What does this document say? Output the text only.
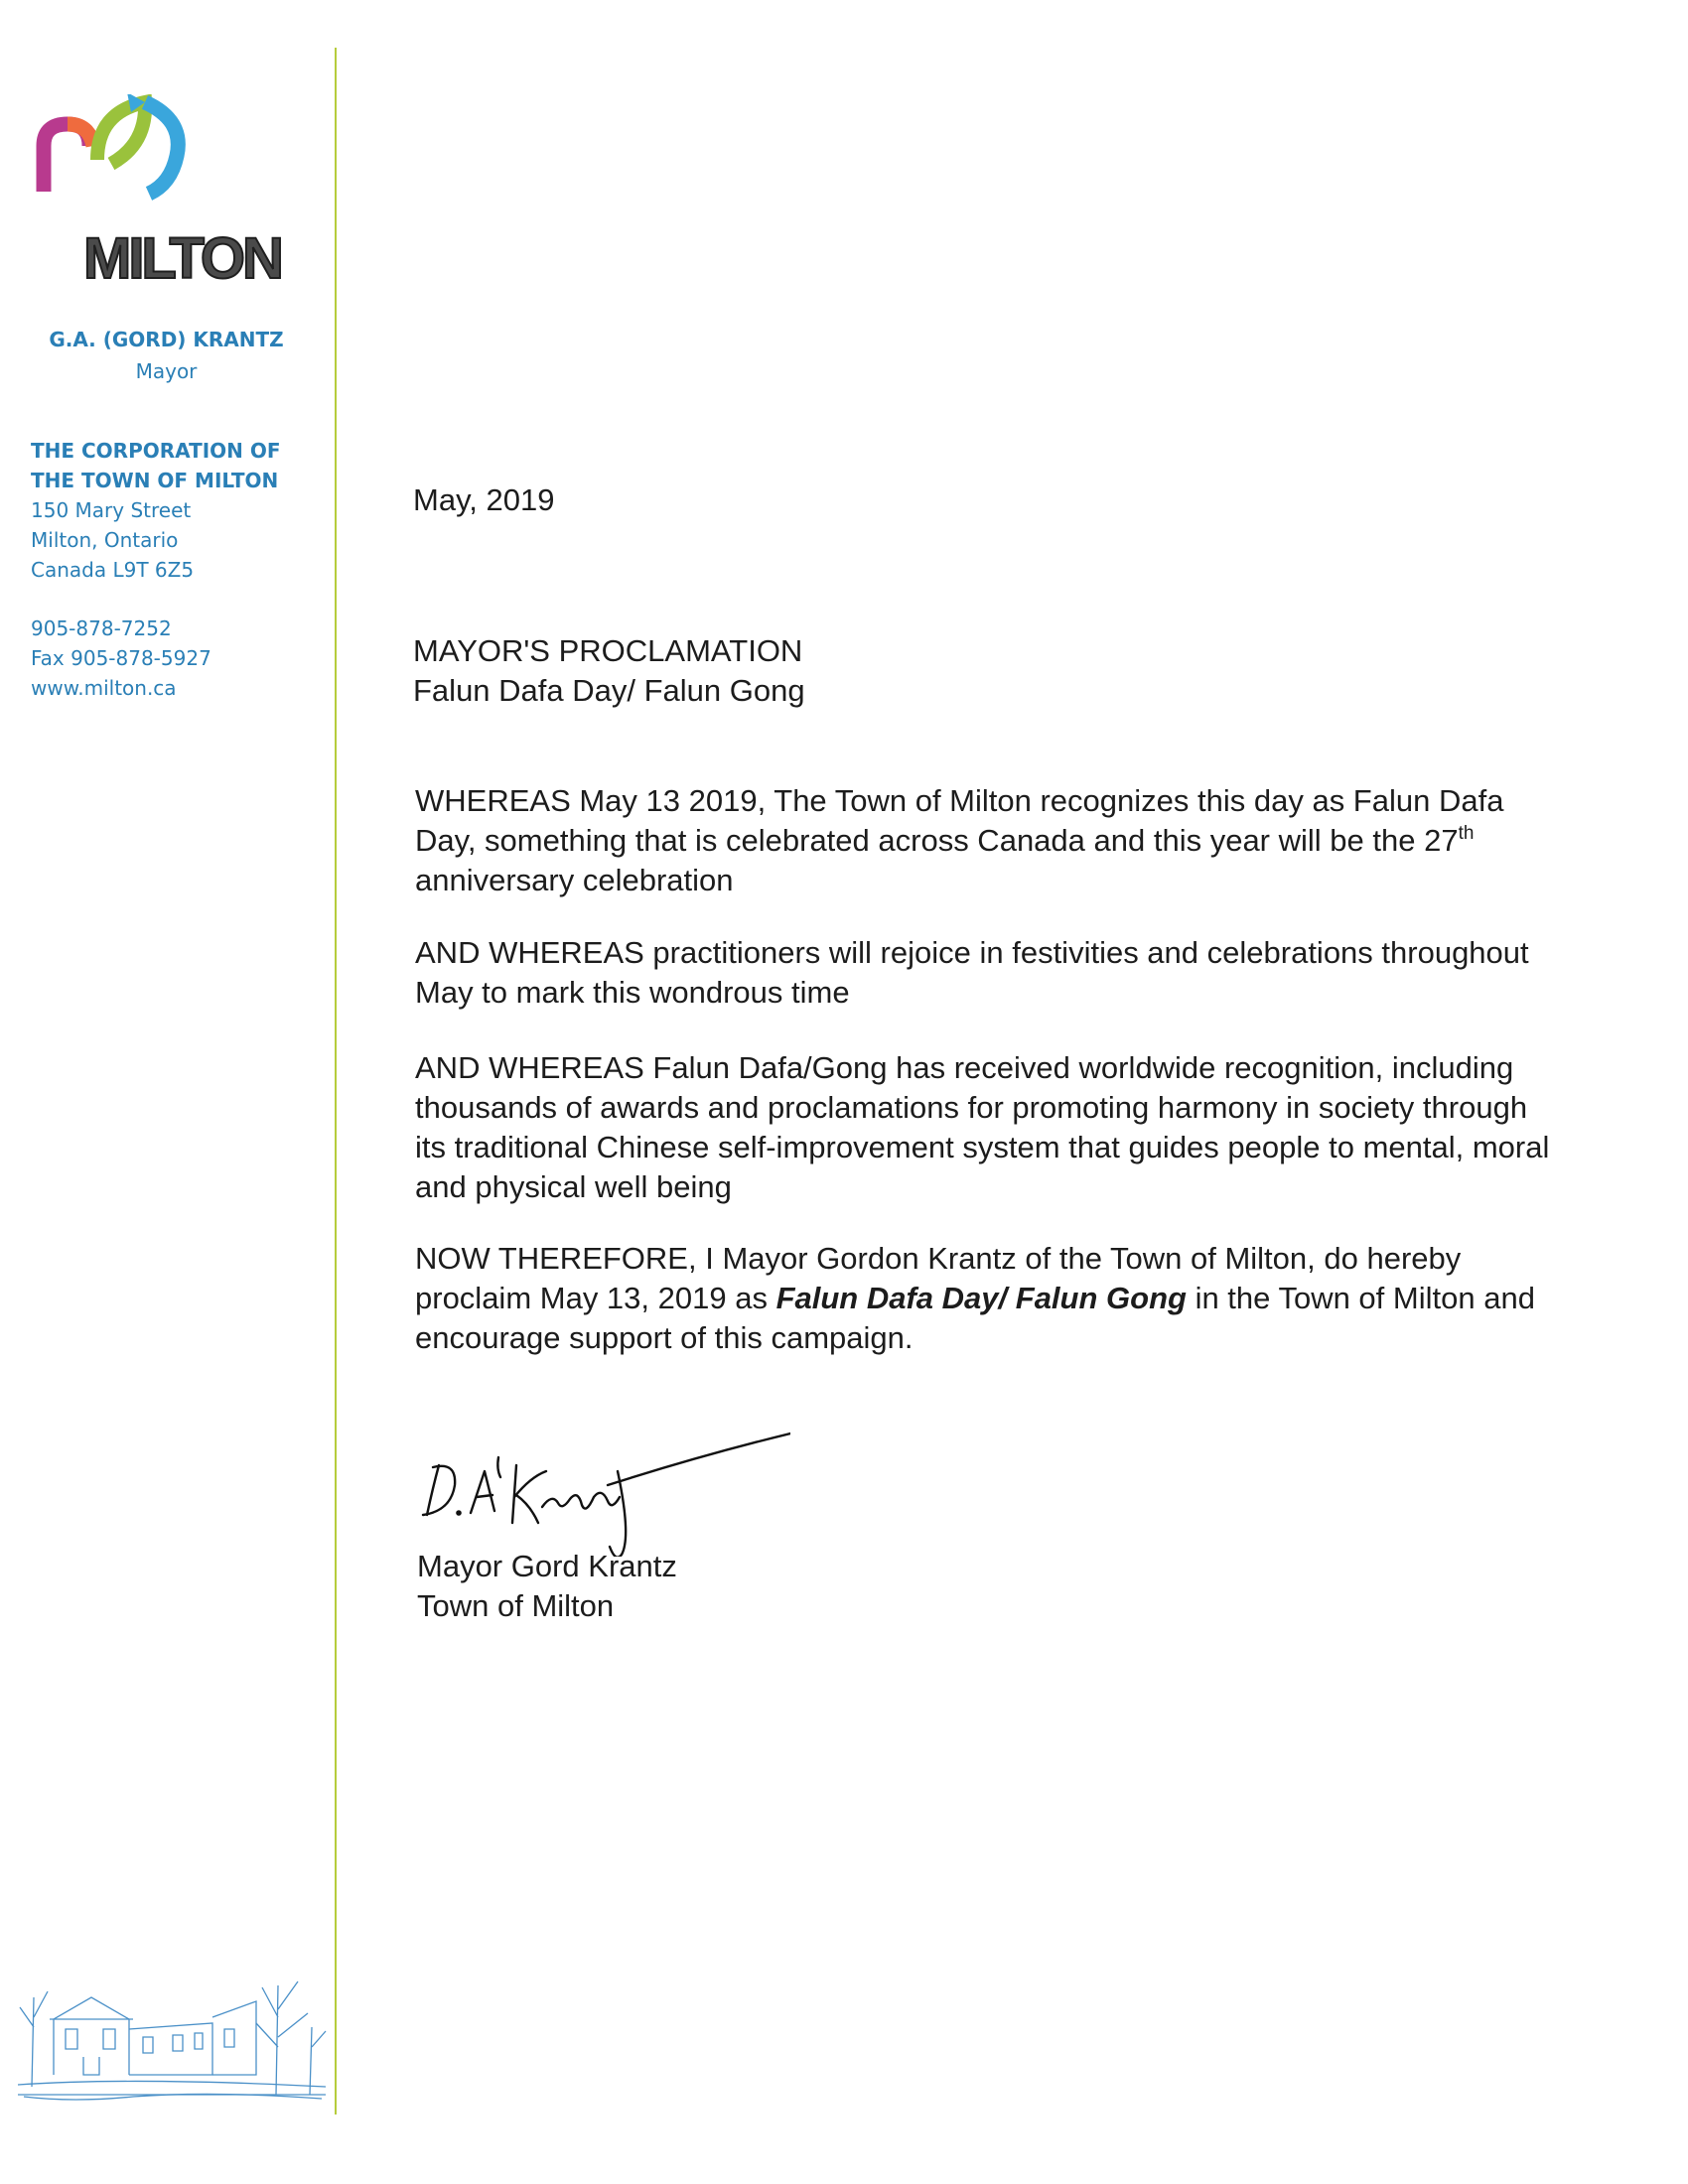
MILTON
G.A. (GORD) KRANTZ
Mayor
THE CORPORATION OF
THE TOWN OF MILTON
150 Mary Street
Milton, Ontario
Canada L9T 6Z5
905-878-7252
Fax 905-878-5927
www.milton.ca

May, 2019

MAYOR'S PROCLAMATION
Falun Dafa Day/ Falun Gong

WHEREAS May 13 2019, The Town of Milton recognizes this day as Falun Dafa Day, something that is celebrated across Canada and this year will be the 27th anniversary celebration

AND WHEREAS practitioners will rejoice in festivities and celebrations throughout May to mark this wondrous time

AND WHEREAS Falun Dafa/Gong has received worldwide recognition, including thousands of awards and proclamations for promoting harmony in society through its traditional Chinese self-improvement system that guides people to mental, moral and physical well being

NOW THEREFORE, I Mayor Gordon Krantz of the Town of Milton, do hereby proclaim May 13, 2019 as Falun Dafa Day/ Falun Gong in the Town of Milton and encourage support of this campaign.

Mayor Gord Krantz
Town of Milton
